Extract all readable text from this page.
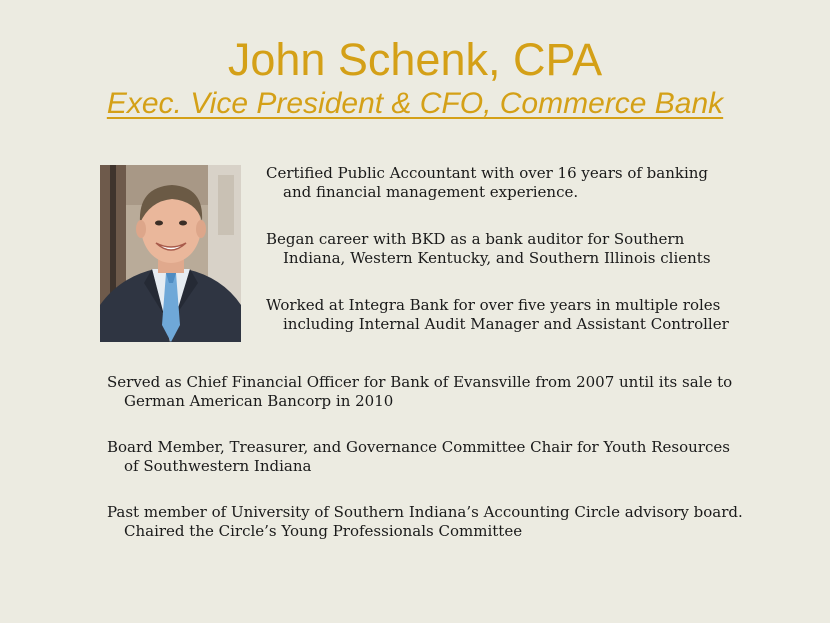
John Schenk, CPA
Exec. Vice President & CFO, Commerce Bank

Certified Public Accountant with over 16 years of banking and financial management experience.

Began career with BKD as a bank auditor for Southern Indiana, Western Kentucky, and Southern Illinois clients

Worked at Integra Bank for over five years in multiple roles including Internal Audit Manager and Assistant Controller

Served as Chief Financial Officer for Bank of Evansville from 2007 until its sale to German American Bancorp in 2010

Board Member, Treasurer, and Governance Committee Chair for Youth Resources of Southwestern Indiana

Past member of University of Southern Indiana’s Accounting Circle advisory board. Chaired the Circle’s Young Professionals Committee
